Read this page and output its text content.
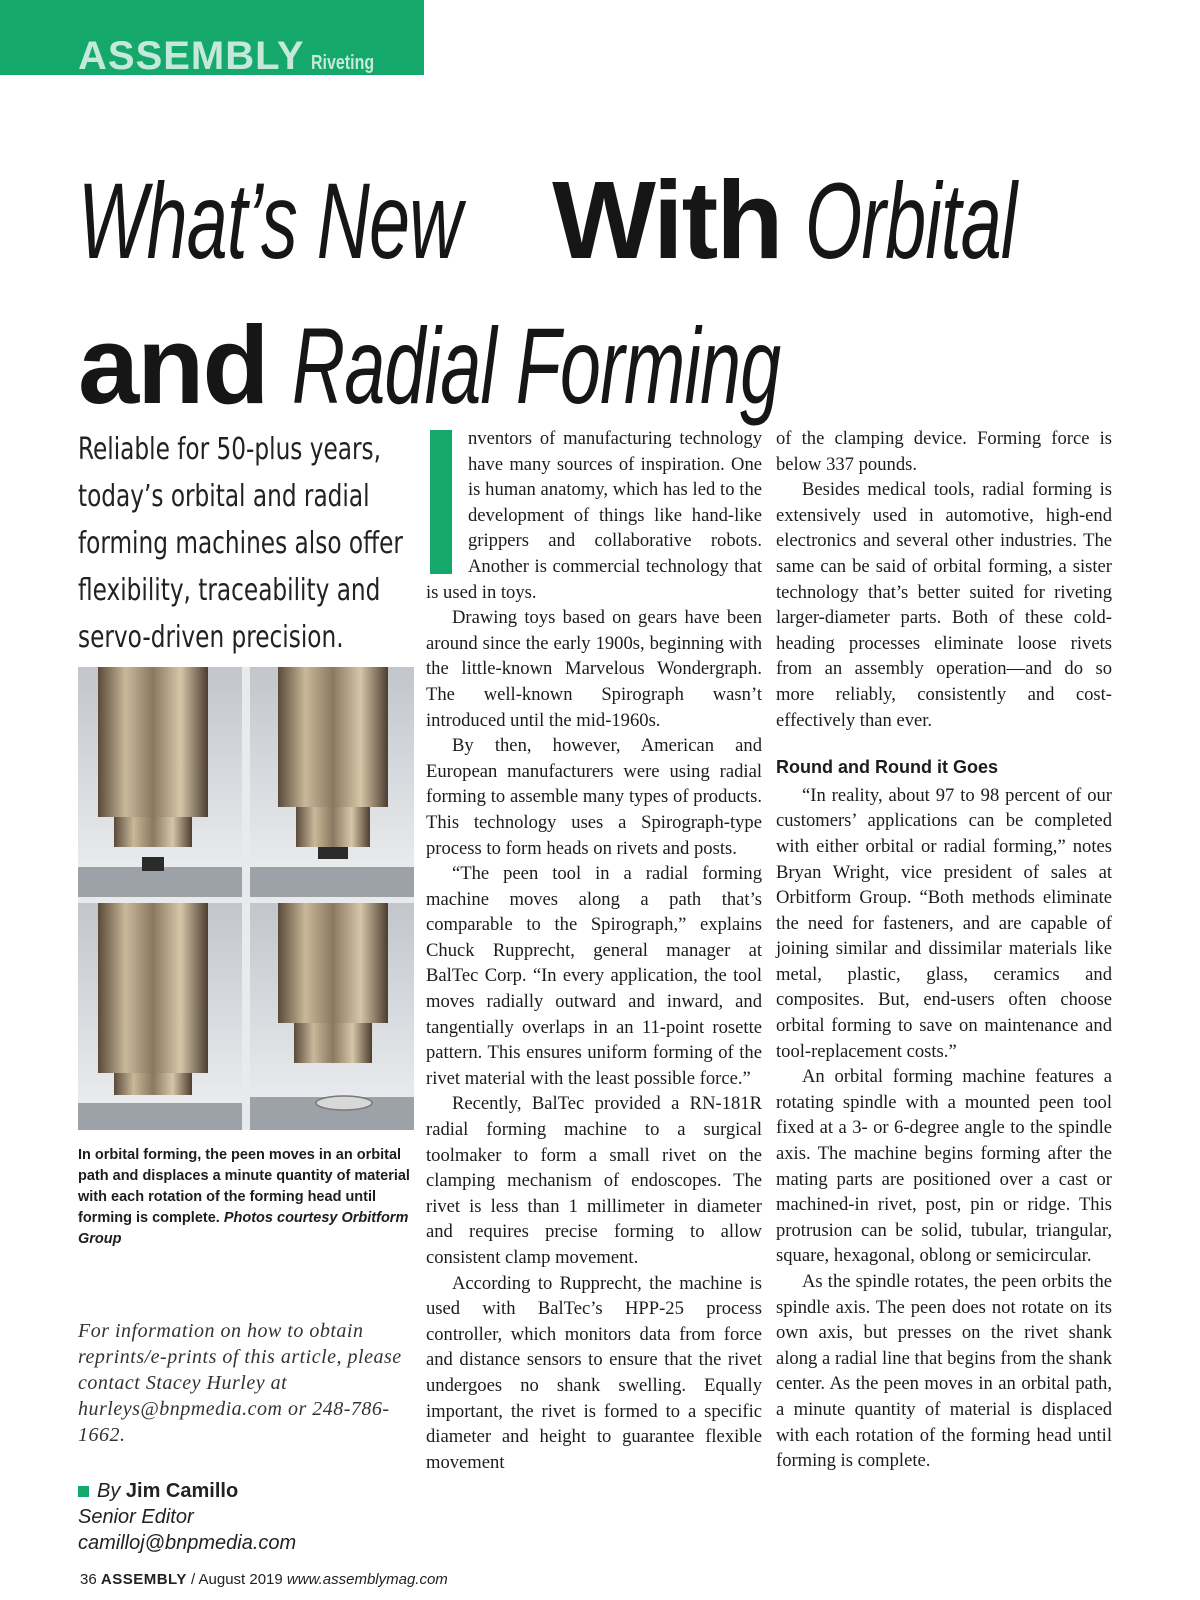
ASSEMBLY Riveting
What’s New With Orbital
and Radial Forming
Reliable for 50-plus years, today’s orbital and radial forming machines also offer flexibility, traceability and servo-driven precision.
In orbital forming, the peen moves in an orbital path and displaces a minute quantity of material with each rotation of the forming head until forming is complete. Photos courtesy Orbitform Group
For information on how to obtain reprints/e-prints of this article, please contact Stacey Hurley at hurleys@bnpmedia.com or 248-786-1662.
By Jim Camillo
Senior Editor
camilloj@bnpmedia.com

nventors of manufacturing technology have many sources of inspiration. One is human anatomy, which has led to the development of things like hand-like grippers and collaborative robots. Another is commercial technology that is used in toys.

Drawing toys based on gears have been around since the early 1900s, beginning with the little-known Marvelous Wondergraph. The well-known Spirograph wasn’t introduced until the mid-1960s.

By then, however, American and European manufacturers were using radial forming to assemble many types of products. This technology uses a Spirograph-type process to form heads on rivets and posts.

“The peen tool in a radial forming machine moves along a path that’s comparable to the Spirograph,” explains Chuck Rupprecht, general manager at BalTec Corp. “In every application, the tool moves radially outward and inward, and tangentially overlaps in an 11-point rosette pattern. This ensures uniform forming of the rivet material with the least possible force.”

Recently, BalTec provided a RN-181R radial forming machine to a surgical toolmaker to form a small rivet on the clamping mechanism of endoscopes. The rivet is less than 1 millimeter in diameter and requires precise forming to allow consistent clamp movement.

According to Rupprecht, the machine is used with BalTec’s HPP-25 process controller, which monitors data from force and distance sensors to ensure that the rivet undergoes no shank swelling. Equally important, the rivet is formed to a specific diameter and height to guarantee flexible movement

of the clamping device. Forming force is below 337 pounds.

Besides medical tools, radial forming is extensively used in automotive, high-end electronics and several other industries. The same can be said of orbital forming, a sister technology that’s better suited for riveting larger-diameter parts. Both of these cold-heading processes eliminate loose rivets from an assembly operation—and do so more reliably, consistently and cost-effectively than ever.

Round and Round it Goes

“In reality, about 97 to 98 percent of our customers’ applications can be completed with either orbital or radial forming,” notes Bryan Wright, vice president of sales at Orbitform Group. “Both methods eliminate the need for fasteners, and are capable of joining similar and dissimilar materials like metal, plastic, glass, ceramics and composites. But, end-users often choose orbital forming to save on maintenance and tool-replacement costs.”

An orbital forming machine features a rotating spindle with a mounted peen tool fixed at a 3- or 6-degree angle to the spindle axis. The machine begins forming after the mating parts are positioned over a cast or machined-in rivet, post, pin or ridge. This protrusion can be solid, tubular, triangular, square, hexagonal, oblong or semicircular.

As the spindle rotates, the peen orbits the spindle axis. The peen does not rotate on its own axis, but presses on the rivet shank along a radial line that begins from the shank center. As the peen moves in an orbital path, a minute quantity of material is displaced with each rotation of the forming head until forming is complete.

36 ASSEMBLY / August 2019 www.assemblymag.com
